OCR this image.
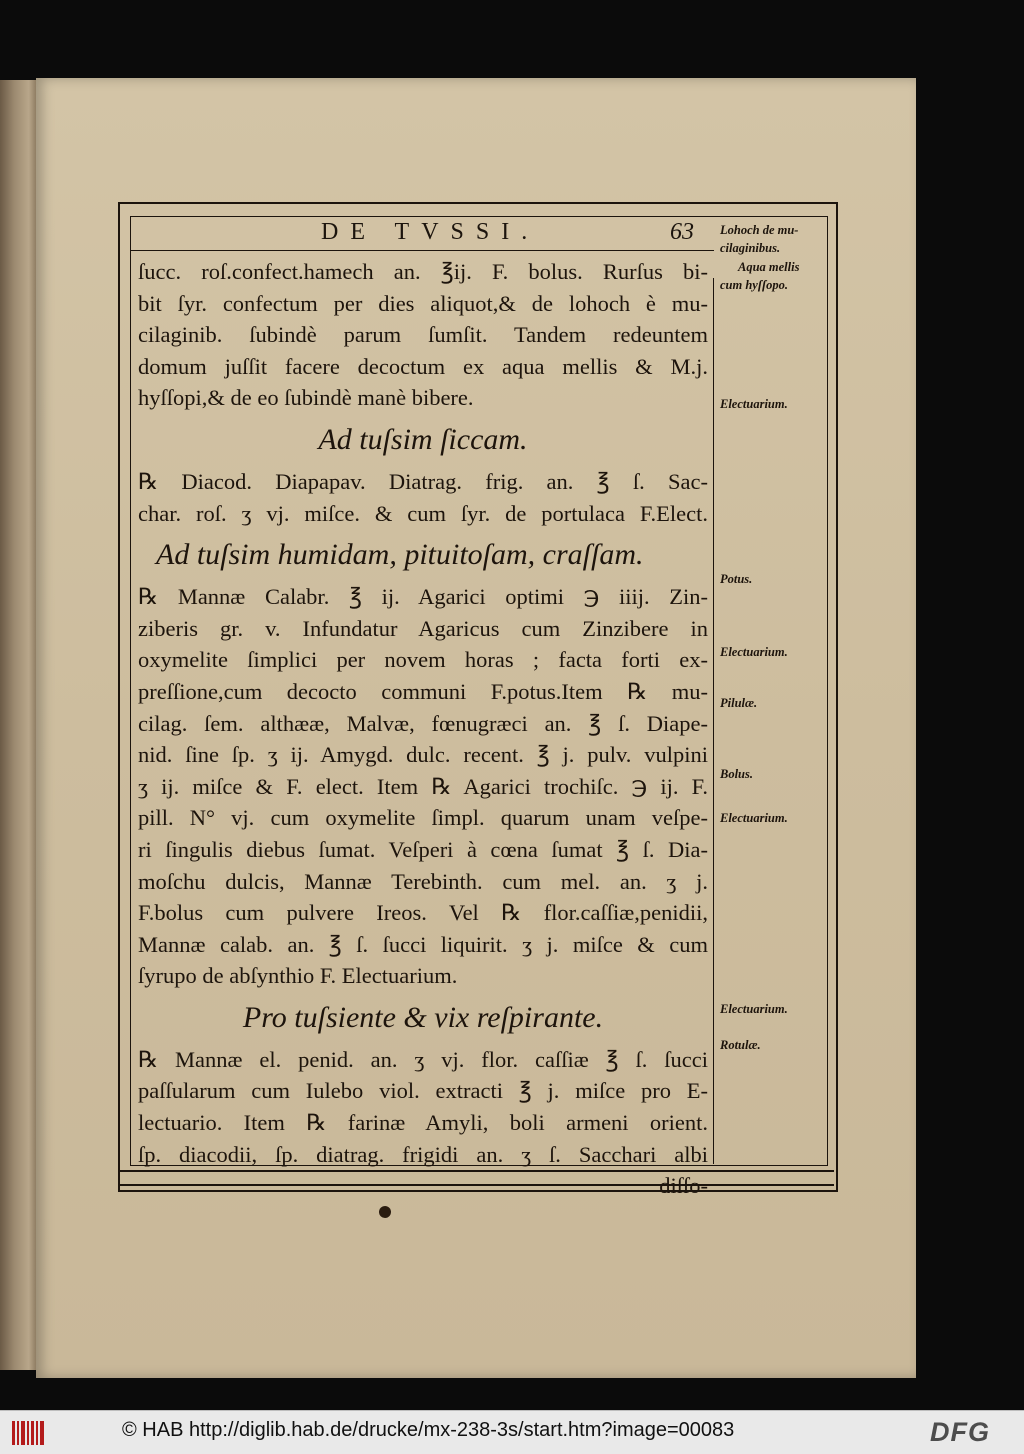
DE TVSSI.	63
ſucc. roſ.confect.hamech an. ℥ij. F. bolus. Rurſus bi-
bit ſyr. confectum per dies aliquot,& de lohoch è mu-
cilaginib. ſubindè parum ſumſit. Tandem redeuntem
domum juſſit facere decoctum ex aqua mellis & M.j.
hyſſopi,& de eo ſubindè manè bibere.
Ad tuſsim ſiccam.
℞ Diacod. Diapapav. Diatrag. frig. an. ℥ ſ. Sac-
char. roſ. ʒ vj. miſce. & cum ſyr. de portulaca F.Elect.
Ad tuſsim humidam, pituitoſam, craſſam.
℞ Mannæ Calabr. ℥ ij. Agarici optimi ℈ iiij. Zin-
ziberis gr. v. Infundatur Agaricus cum Zinzibere in
oxymelite ſimplici per novem horas ; facta forti ex-
preſſione,cum decocto communi F.potus.Item ℞ mu-
cilag. ſem. althææ, Malvæ, fœnugræci an. ℥ ſ. Diape-
nid. ſine ſp. ʒ ij. Amygd. dulc. recent. ℥ j. pulv. vulpini
ʒ ij. miſce & F. elect. Item ℞ Agarici trochiſc. ℈ ij. F.
pill. N° vj. cum oxymelite ſimpl. quarum unam veſpe-
ri ſingulis diebus ſumat. Veſperi à cœna ſumat ℥ ſ. Dia-
moſchu dulcis, Mannæ Terebinth. cum mel. an. ʒ j.
F.bolus cum pulvere Ireos. Vel ℞ flor.caſſiæ,penidii,
Mannæ calab. an. ℥ ſ. ſucci liquirit. ʒ j. miſce & cum
ſyrupo de abſynthio F. Electuarium.
Pro tuſsiente & vix reſpirante.
℞ Mannæ el. penid. an. ʒ vj. flor. caſſiæ ℥ ſ. ſucci
paſſularum cum Iulebo viol. extracti ℥ j. miſce pro E-
lectuario. Item ℞ farinæ Amyli, boli armeni orient.
ſp. diacodii, ſp. diatrag. frigidi an. ʒ ſ. Sacchari albi
diſſo-
Lohoch de mu-
cilaginibus.
Aqua mellis
cum hyſſopo.
Electuarium.
Potus.
Electuarium.
Pilulæ.
Bolus.
Electuarium.
Electuarium.
Rotulæ.
© HAB http://diglib.hab.de/drucke/mx-238-3s/start.htm?image=00083	DFG
